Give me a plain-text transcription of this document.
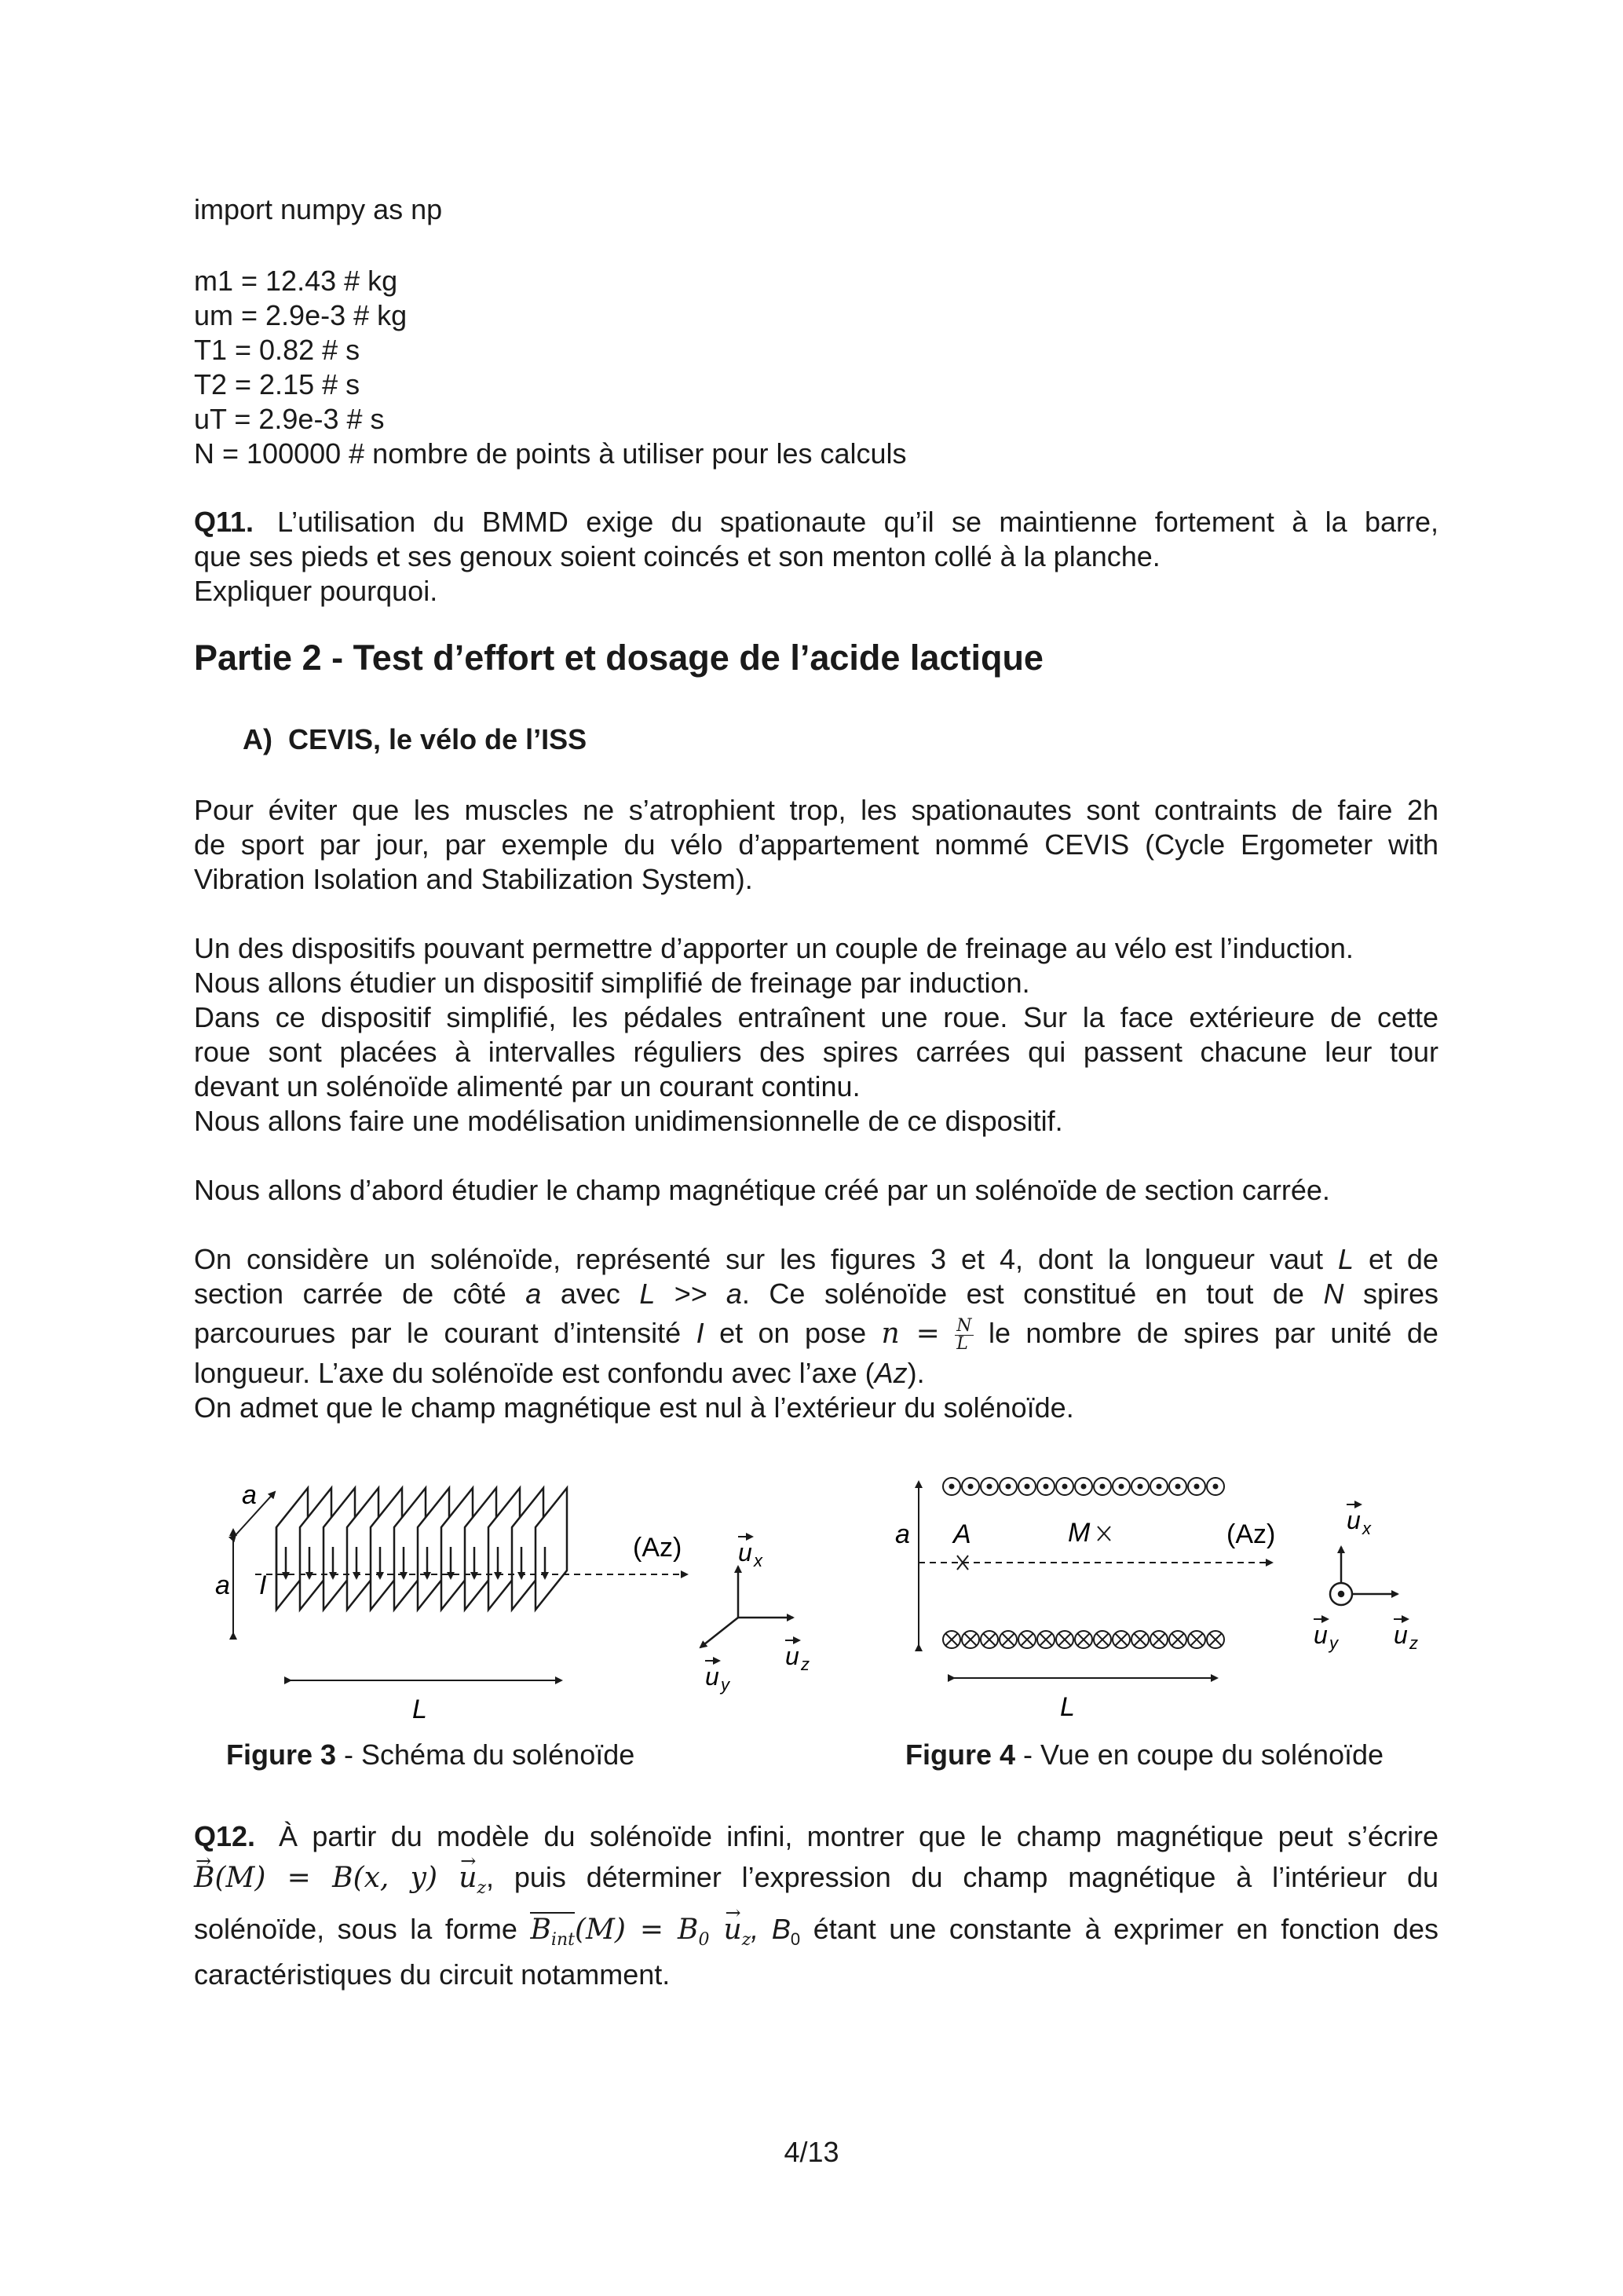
import numpy as np
m1 = 12.43 # kg
um = 2.9e-3 # kg
T1 = 0.82 # s
T2 = 2.15 # s
uT = 2.9e-3 # s
N = 100000 # nombre de points à utiliser pour les calculs
Q11. L’utilisation du BMMD exige du spationaute qu’il se maintienne fortement à la barre,
que ses pieds et ses genoux soient coincés et son menton collé à la planche.
Expliquer pourquoi.
Partie 2 - Test d’effort et dosage de l’acide lactique
A)  CEVIS, le vélo de l’ISS
Pour éviter que les muscles ne s’atrophient trop, les spationautes sont contraints de faire 2h
de sport par jour, par exemple du vélo d’appartement nommé CEVIS (Cycle Ergometer with
Vibration Isolation and Stabilization System).
Un des dispositifs pouvant permettre d’apporter un couple de freinage au vélo est l’induction.
Nous allons étudier un dispositif simplifié de freinage par induction.
Dans ce dispositif simplifié, les pédales entraînent une roue. Sur la face extérieure de cette
roue sont placées à intervalles réguliers des spires carrées qui passent chacune leur tour
devant un solénoïde alimenté par un courant continu.
Nous allons faire une modélisation unidimensionnelle de ce dispositif.
Nous allons d’abord étudier le champ magnétique créé par un solénoïde de section carrée.
On considère un solénoïde, représenté sur les figures 3 et 4, dont la longueur vaut L et de
section carrée de côté a avec L >> a. Ce solénoïde est constitué en tout de N spires
parcourues par le courant d’intensité I et on pose $n = \frac{N}{L}$ le nombre de spires par unité de
longueur. L’axe du solénoïde est confondu avec l’axe (Az).
On admet que le champ magnétique est nul à l’extérieur du solénoïde.
a
a I
(Az)
L
u x
u y
u z
Figure 3 - Schéma du solénoïde
a A	M	(Az)
L
u x
u y u z
Figure 4 - Vue en coupe du solénoïde
Q12. À partir du modèle du solénoïde infini, montrer que le champ magnétique peut s’écrire
→ B(M) = B(x, $y) \to u_z$, puis déterminer l’expression du champ magnétique à l’intérieur du
solénoïde, sous la forme $B_{int}(M) = B_0 \to u_z$, $B_0$ étant une constante à exprimer en fonction des
caractéristiques du circuit notamment.
4/13
